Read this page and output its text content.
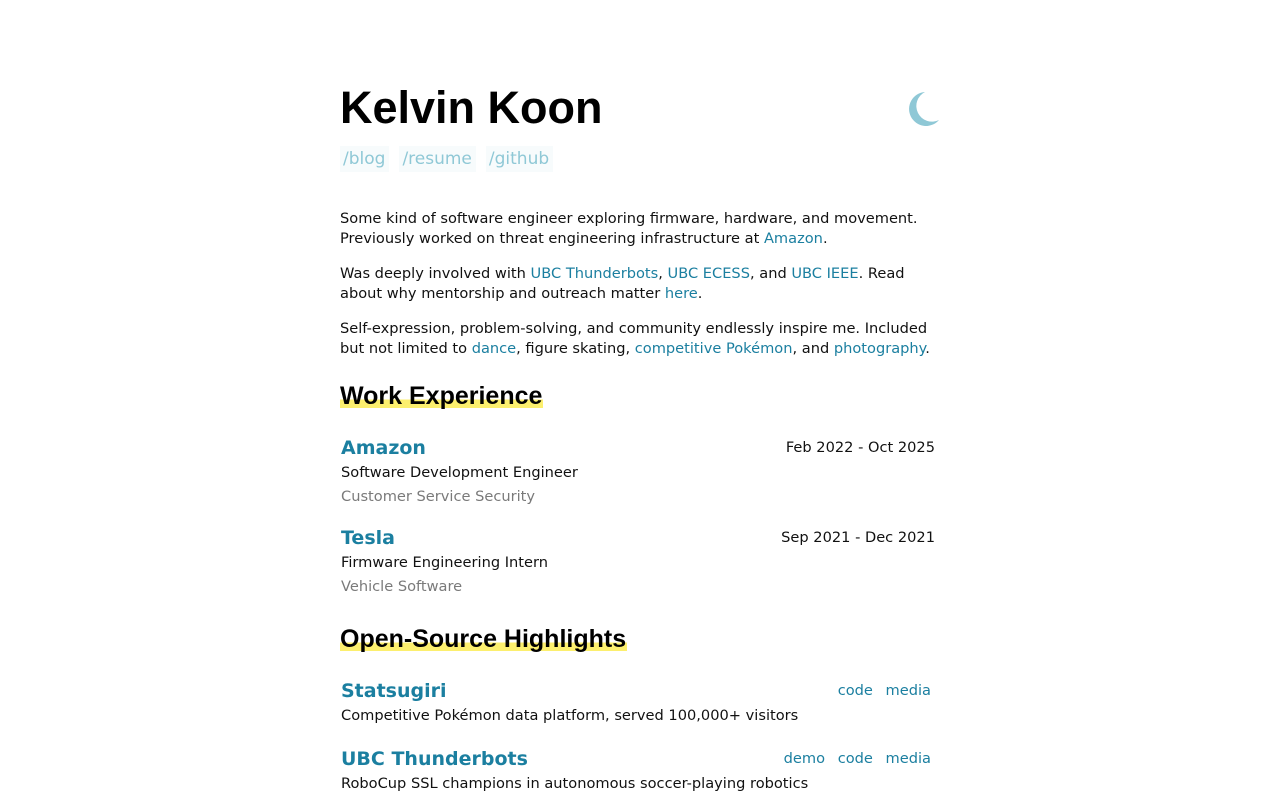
Kelvin Koon
/blog /resume /github

Some kind of software engineer exploring firmware, hardware, and movement. Previously worked on threat engineering infrastructure at Amazon.

Was deeply involved with UBC Thunderbots, UBC ECESS, and UBC IEEE. Read about why mentorship and outreach matter here.

Self-expression, problem-solving, and community endlessly inspire me. Included but not limited to dance, figure skating, competitive Pokémon, and photography.

Work Experience
Amazon	Feb 2022 - Oct 2025
Software Development Engineer
Customer Service Security
Tesla	Sep 2021 - Dec 2021
Firmware Engineering Intern
Vehicle Software
Open-Source Highlights
Statsugiri	code media
Competitive Pokémon data platform, served 100,000+ visitors
UBC Thunderbots	demo code media
RoboCup SSL champions in autonomous soccer-playing robotics
